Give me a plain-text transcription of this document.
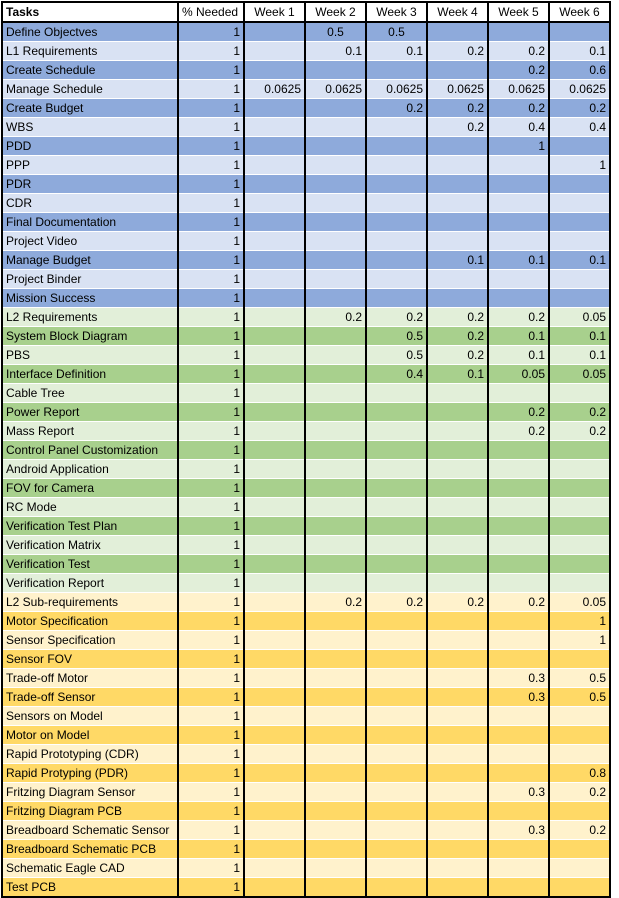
Tasks	% Needed	Week 1	Week 2	Week 3	Week 4	Week 5	Week 6
Define Objectves	1		0.5	0.5			
L1 Requirements	1		0.1	0.1	0.2	0.2	0.1
Create Schedule	1					0.2	0.6
Manage Schedule	1	0.0625	0.0625	0.0625	0.0625	0.0625	0.0625
Create Budget	1			0.2	0.2	0.2	0.2
WBS	1				0.2	0.4	0.4
PDD	1					1	
PPP	1						1
PDR	1						
CDR	1						
Final Documentation	1						
Project Video	1						
Manage Budget	1				0.1	0.1	0.1
Project Binder	1						
Mission Success	1						
L2 Requirements	1		0.2	0.2	0.2	0.2	0.05
System Block Diagram	1			0.5	0.2	0.1	0.1
PBS	1			0.5	0.2	0.1	0.1
Interface Definition	1			0.4	0.1	0.05	0.05
Cable Tree	1						
Power Report	1					0.2	0.2
Mass Report	1					0.2	0.2
Control Panel Customization	1						
Android Application	1						
FOV for Camera	1						
RC Mode	1						
Verification Test Plan	1						
Verification Matrix	1						
Verification Test	1						
Verification Report	1						
L2 Sub-requirements	1		0.2	0.2	0.2	0.2	0.05
Motor Specification	1						1
Sensor Specification	1						1
Sensor FOV	1						
Trade-off Motor	1					0.3	0.5
Trade-off Sensor	1					0.3	0.5
Sensors on Model	1						
Motor on Model	1						
Rapid Prototyping (CDR)	1						
Rapid Protyping (PDR)	1						0.8
Fritzing Diagram Sensor	1					0.3	0.2
Fritzing Diagram PCB	1						
Breadboard Schematic Sensor	1					0.3	0.2
Breadboard Schematic PCB	1						
Schematic Eagle CAD	1						
Test PCB	1						
